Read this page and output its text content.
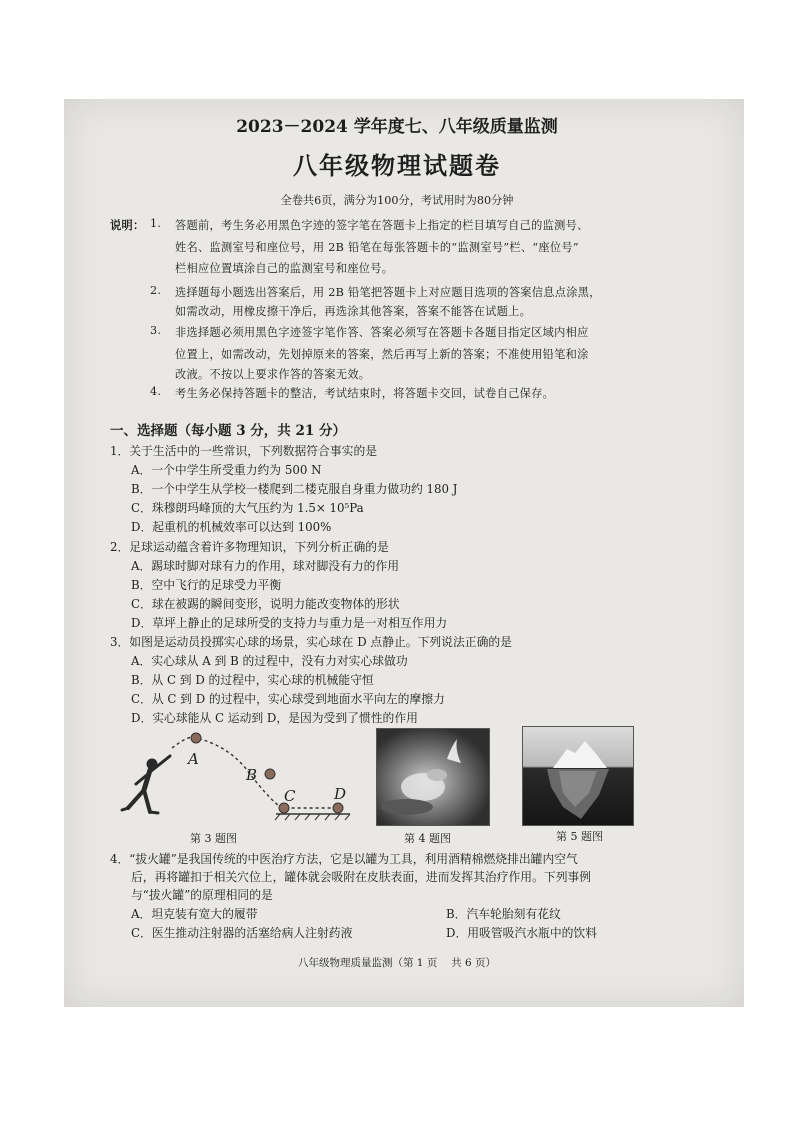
2023－2024 学年度七、八年级质量监测
八年级物理试题卷
全卷共6页，满分为100分，考试用时为80分钟
说明： 1. 答题前，考生务必用黑色字迹的签字笔在答题卡上指定的栏目填写自己的监测号、
姓名、监测室号和座位号，用 2B 铅笔在每张答题卡的“监测室号”栏、“座位号”
栏相应位置填涂自己的监测室号和座位号。
2. 选择题每小题选出答案后，用 2B 铅笔把答题卡上对应题目选项的答案信息点涂黑，
如需改动，用橡皮擦干净后，再选涂其他答案，答案不能答在试题上。
3. 非选择题必须用黑色字迹签字笔作答、答案必须写在答题卡各题目指定区域内相应
位置上，如需改动，先划掉原来的答案，然后再写上新的答案；不准使用铅笔和涂
改液。不按以上要求作答的答案无效。
4. 考生务必保持答题卡的整洁，考试结束时，将答题卡交回，试卷自己保存。
一、选择题（每小题 3 分，共 21 分）
1．关于生活中的一些常识，下列数据符合事实的是
A．一个中学生所受重力约为 500 N
B．一个中学生从学校一楼爬到二楼克服自身重力做功约 180 J
C．珠穆朗玛峰顶的大气压约为 1.5× 10⁵Pa
D．起重机的机械效率可以达到 100%
2．足球运动蕴含着许多物理知识，下列分析正确的是
A．踢球时脚对球有力的作用，球对脚没有力的作用
B．空中飞行的足球受力平衡
C．球在被踢的瞬间变形，说明力能改变物体的形状
D．草坪上静止的足球所受的支持力与重力是一对相互作用力
3．如图是运动员投掷实心球的场景，实心球在 D 点静止。下列说法正确的是
A．实心球从 A 到 B 的过程中，没有力对实心球做功
B．从 C 到 D 的过程中，实心球的机械能守恒
C．从 C 到 D 的过程中，实心球受到地面水平向左的摩擦力
D．实心球能从 C 运动到 D，是因为受到了惯性的作用
A
B
C	D
第 3 题图	第 4 题图	第 5 题图
4．“拔火罐”是我国传统的中医治疗方法，它是以罐为工具，利用酒精棉燃烧排出罐内空气
后，再将罐扣于相关穴位上，罐体就会吸附在皮肤表面，进而发挥其治疗作用。下列事例
与“拔火罐”的原理相同的是
A．坦克装有宽大的履带	B．汽车轮胎刻有花纹
C．医生推动注射器的活塞给病人注射药液	D．用吸管吸汽水瓶中的饮料
八年级物理质量监测（第 1 页　 共 6 页）
